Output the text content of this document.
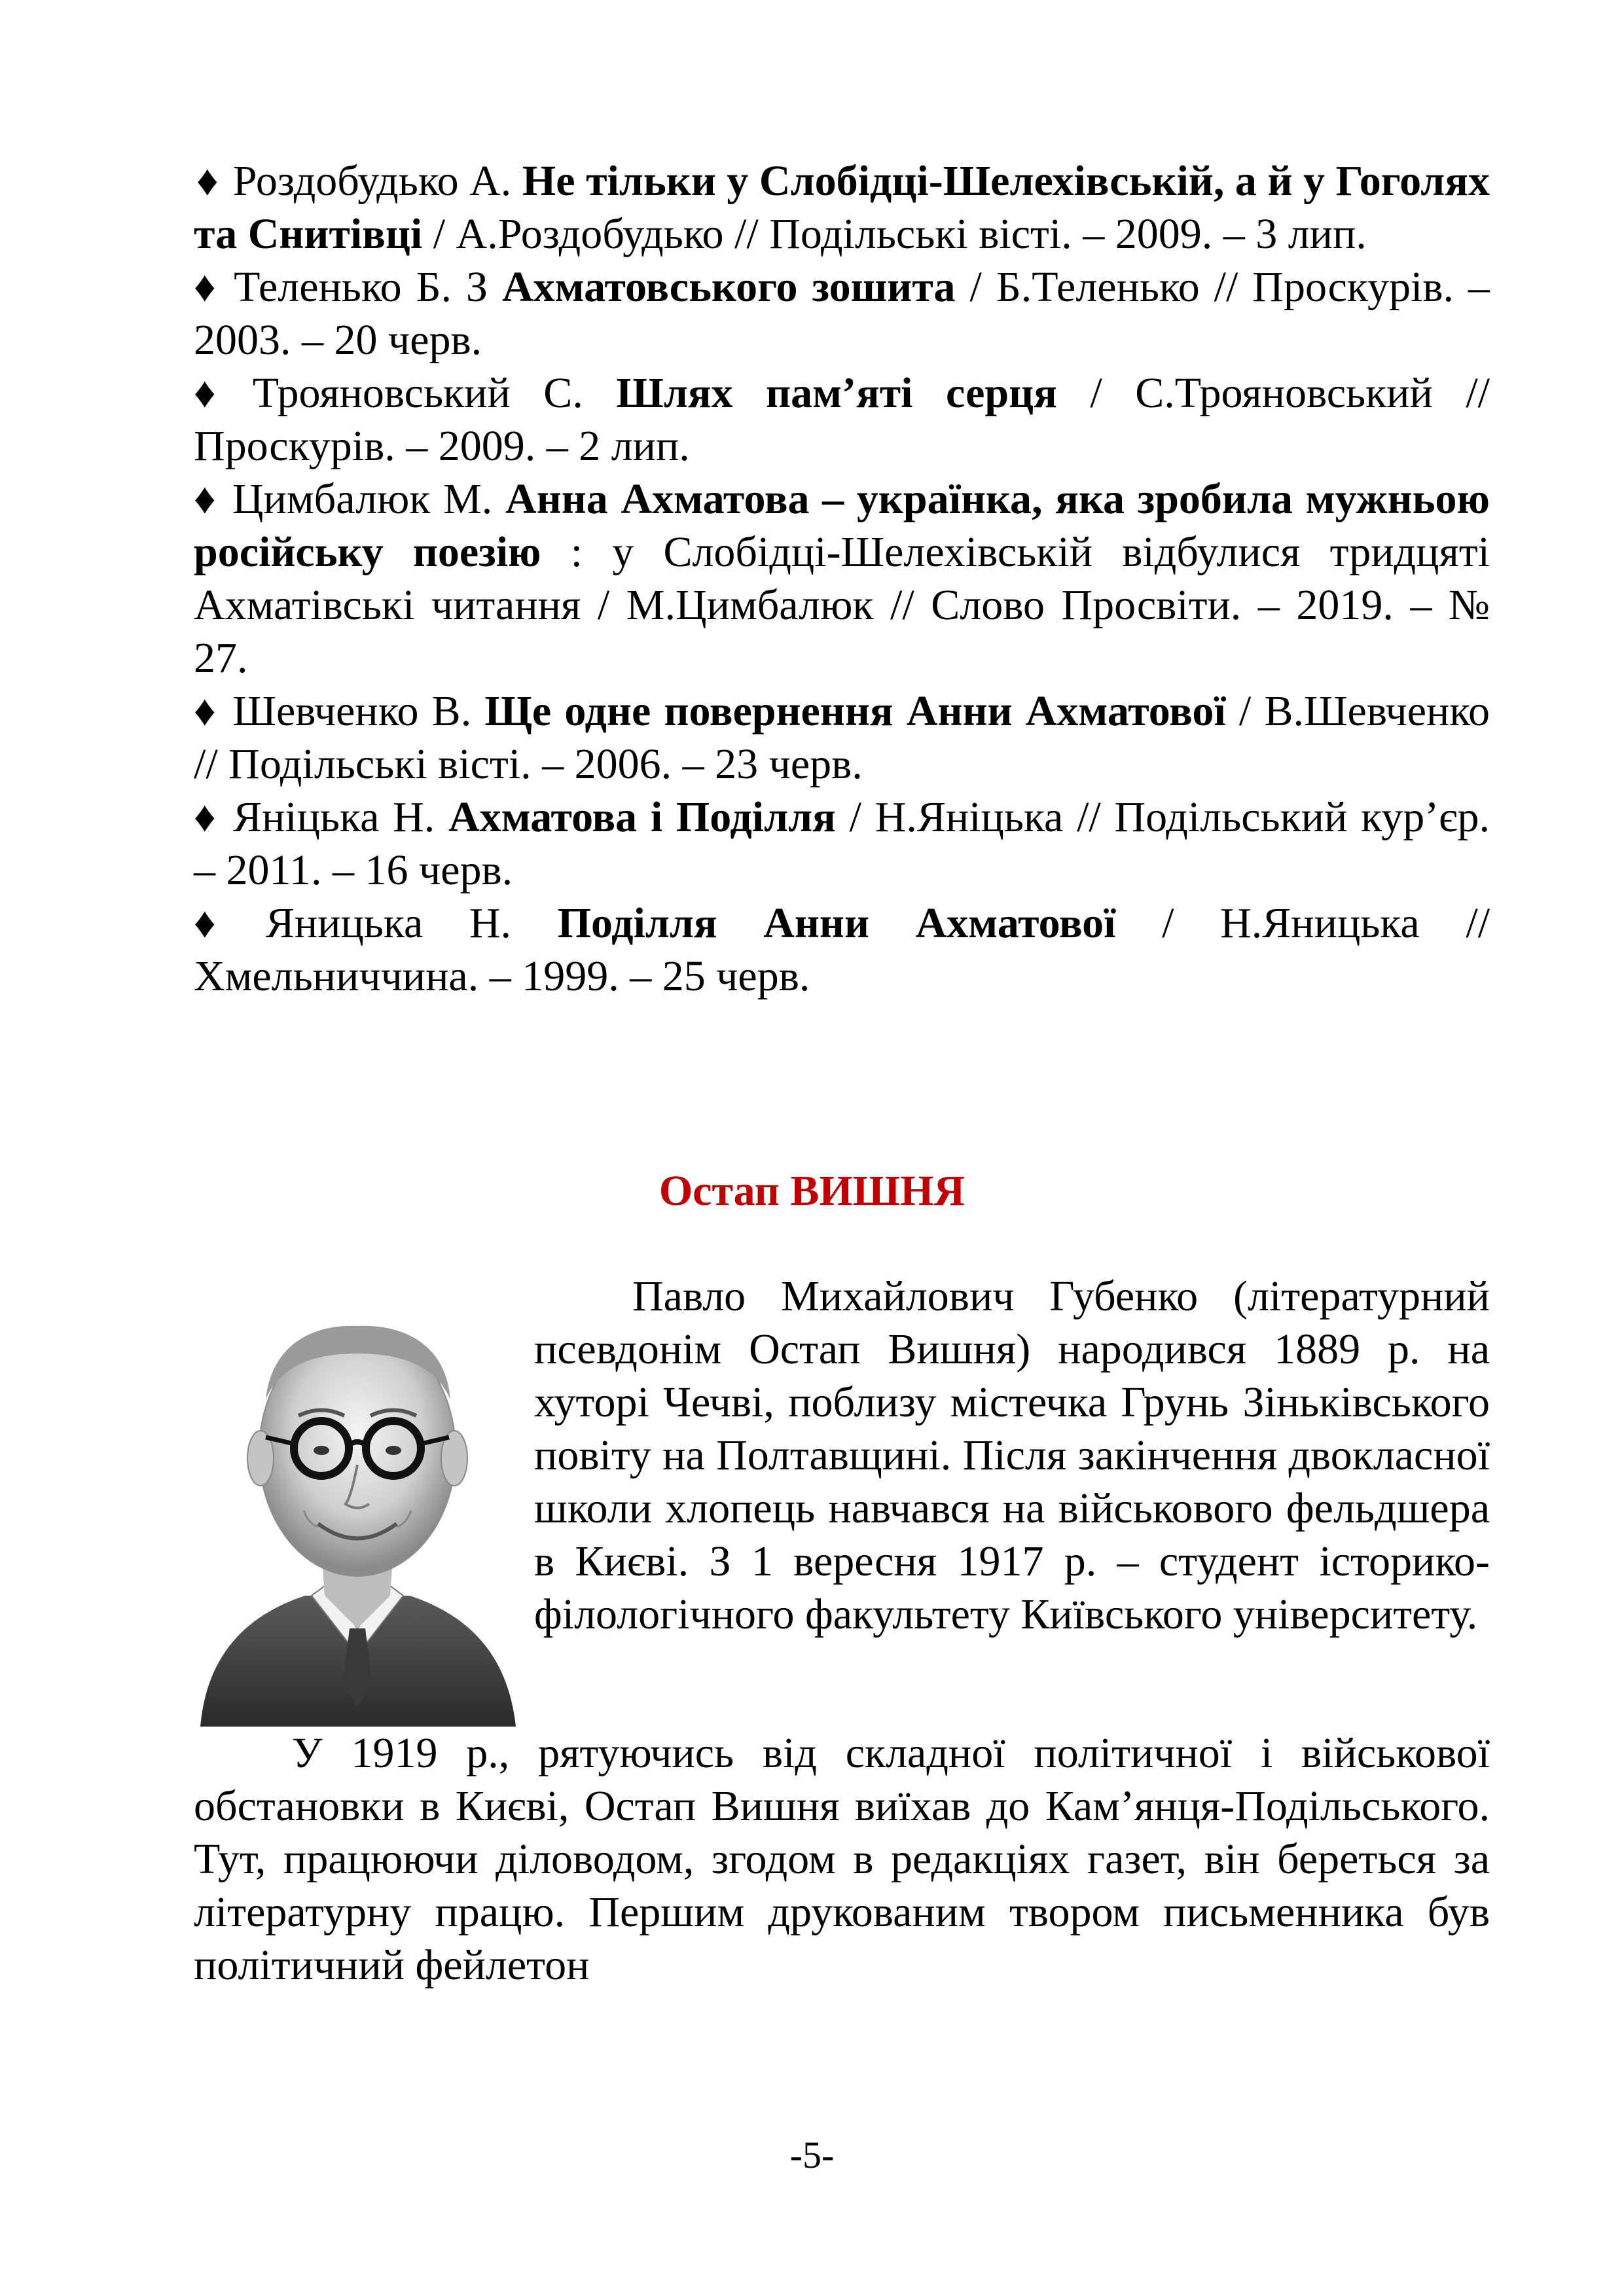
♦ Роздобудько А. Не тільки у Слобідці-Шелехівській, а й у Гоголях та Снитівці / А.Роздобудько // Подільські вісті. – 2009. – 3 лип.

♦ Теленько Б. З Ахматовського зошита / Б.Теленько // Проскурів. – 2003. – 20 черв.

♦ Трояновський С. Шлях пам’яті серця / С.Трояновський // Проскурів. – 2009. – 2 лип.

♦ Цимбалюк М. Анна Ахматова – українка, яка зробила мужньою російську поезію : у Слобідці-Шелехівській відбулися тридцяті Ахматівські читання / М.Цимбалюк // Слово Просвіти. – 2019. – № 27.

♦ Шевченко В. Ще одне повернення Анни Ахматової / В.Шевченко // Подільські вісті. – 2006. – 23 черв.

♦ Яніцька Н. Ахматова і Поділля / Н.Яніцька // Подільський кур’єр. – 2011. – 16 черв.

♦ Яницька Н. Поділля Анни Ахматової / Н.Яницька // Хмельниччина. – 1999. – 25 черв.

Остап ВИШНЯ

Павло Михайлович Губенко (літературний псевдонім Остап Вишня) народився 1889 р. на хуторі Чечві, поблизу містечка Грунь Зіньківського повіту на Полтавщині. Після закінчення двокласної школи хлопець навчався на військового фельдшера в Києві. З 1 вересня 1917 р. – студент історико-філологічного факультету Київського університету.

У 1919 р., рятуючись від складної політичної і військової обстановки в Києві, Остап Вишня виїхав до Кам’янця-Подільського. Тут, працюючи діловодом, згодом в редакціях газет, він береться за літературну працю. Першим друкованим твором письменника був політичний фейлетон

-5-
